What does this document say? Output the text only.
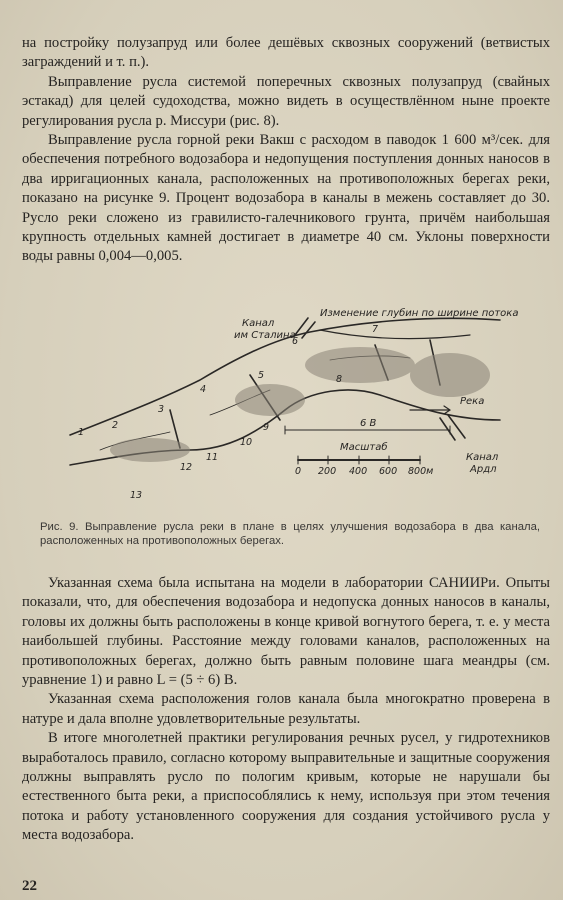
на постройку полузапруд или более дешёвых сквозных сооружений (ветвистых заграждений и т. п.).

Выправление русла системой поперечных сквозных полузапруд (свайных эстакад) для целей судоходства, можно видеть в осуществлённом ныне проекте регулирования русла р. Миссури (рис. 8).

Выправление русла горной реки Вакш с расходом в паводок 1 600 м³/сек. для обеспечения потребного водозабора и недопущения поступления донных наносов в два ирригационных канала, расположенных на противоположных берегах реки, показано на рисунке 9. Процент водозабора в каналы в межень составляет до 30. Русло реки сложено из гравилисто-галечникового грунта, причём наибольшая крупность отдельных камней достигает в диаметре 40 см. Уклоны поверхности воды равны 0,004—0,005.

Изменение глубин по ширине потока
Канал
им Сталина
Река
6 B
Масштаб
0 200 400 600 800м
Канал
Ардл
1
2
3
4
5
6
7
8
9
10
11
12
13
Рис. 9. Выправление русла реки в плане в целях улучшения водозабора в два канала, расположенных на противоположных берегах.

Указанная схема была испытана на модели в лаборатории САНИИРи. Опыты показали, что, для обеспечения водозабора и недопуска донных наносов в каналы, головы их должны быть расположены в конце кривой вогнутого берега, т. е. у места наибольшей глубины. Расстояние между головами каналов, расположенных на противоположных берегах, должно быть равным половине шага меандры (см. уравнение 1) и равно L = (5 ÷ 6) B.

Указанная схема расположения голов канала была многократно проверена в натуре и дала вполне удовлетворительные результаты.

В итоге многолетней практики регулирования речных русел, у гидротехников выработалось правило, согласно которому выправительные и защитные сооружения должны выправлять русло по пологим кривым, которые не нарушали бы естественного быта реки, а приспособлялись к нему, используя при этом течения потока и работу установленного сооружения для создания устойчивого русла у места водозабора.

22
